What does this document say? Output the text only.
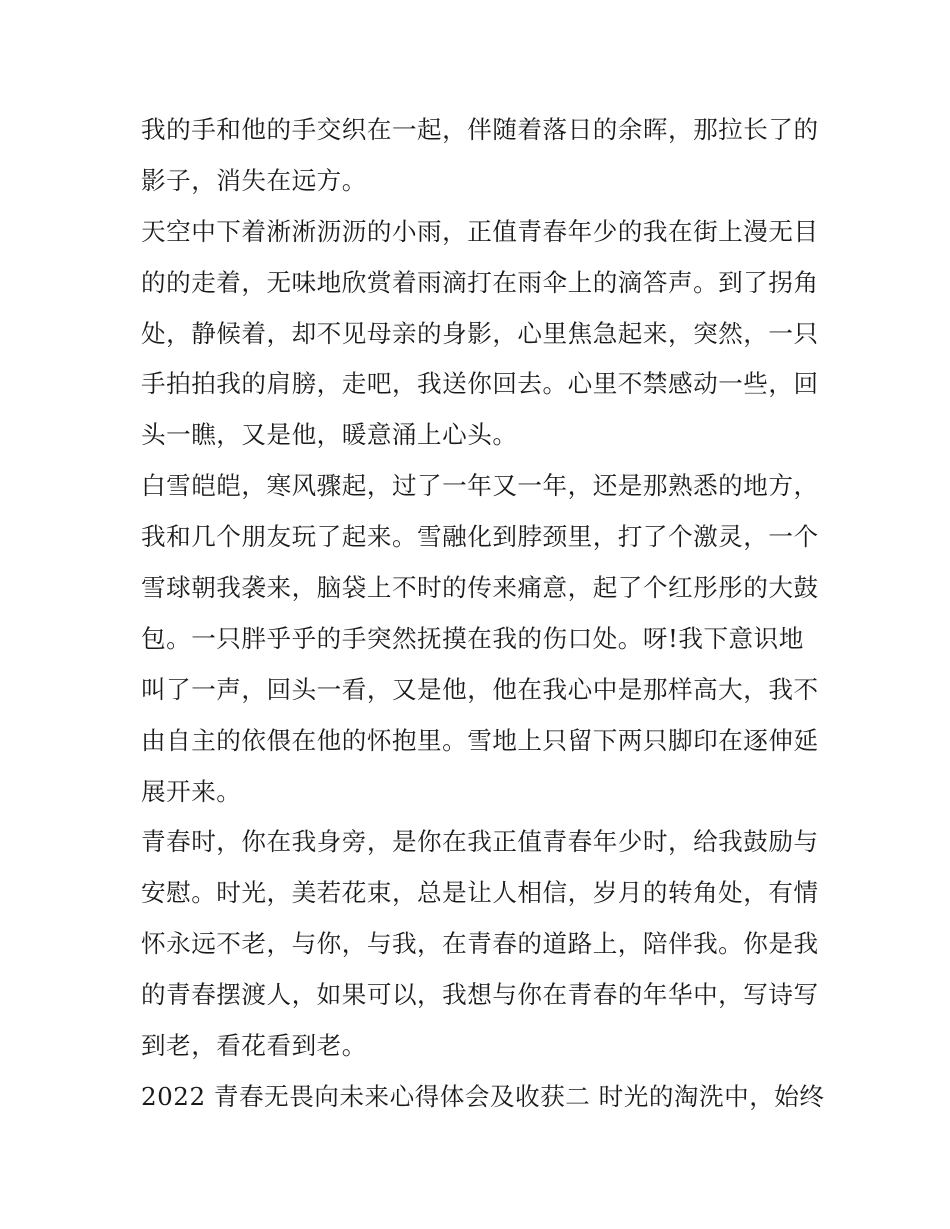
我的手和他的手交织在一起，伴随着落日的余晖，那拉长了的
影子，消失在远方。
天空中下着淅淅沥沥的小雨，正值青春年少的我在街上漫无目
的的走着，无味地欣赏着雨滴打在雨伞上的滴答声。到了拐角
处，静候着，却不见母亲的身影，心里焦急起来，突然，一只
手拍拍我的肩膀，走吧，我送你回去。心里不禁感动一些，回
头一瞧，又是他，暖意涌上心头。
白雪皑皑，寒风骤起，过了一年又一年，还是那熟悉的地方，
我和几个朋友玩了起来。雪融化到脖颈里，打了个激灵，一个
雪球朝我袭来，脑袋上不时的传来痛意，起了个红彤彤的大鼓
包。一只胖乎乎的手突然抚摸在我的伤口处。呀!我下意识地
叫了一声，回头一看，又是他，他在我心中是那样高大，我不
由自主的依偎在他的怀抱里。雪地上只留下两只脚印在逐伸延
展开来。
青春时，你在我身旁，是你在我正值青春年少时，给我鼓励与
安慰。时光，美若花束，总是让人相信，岁月的转角处，有情
怀永远不老，与你，与我，在青春的道路上，陪伴我。你是我
的青春摆渡人，如果可以，我想与你在青春的年华中，写诗写
到老，看花看到老。
2022 青春无畏向未来心得体会及收获二 时光的淘洗中，始终
